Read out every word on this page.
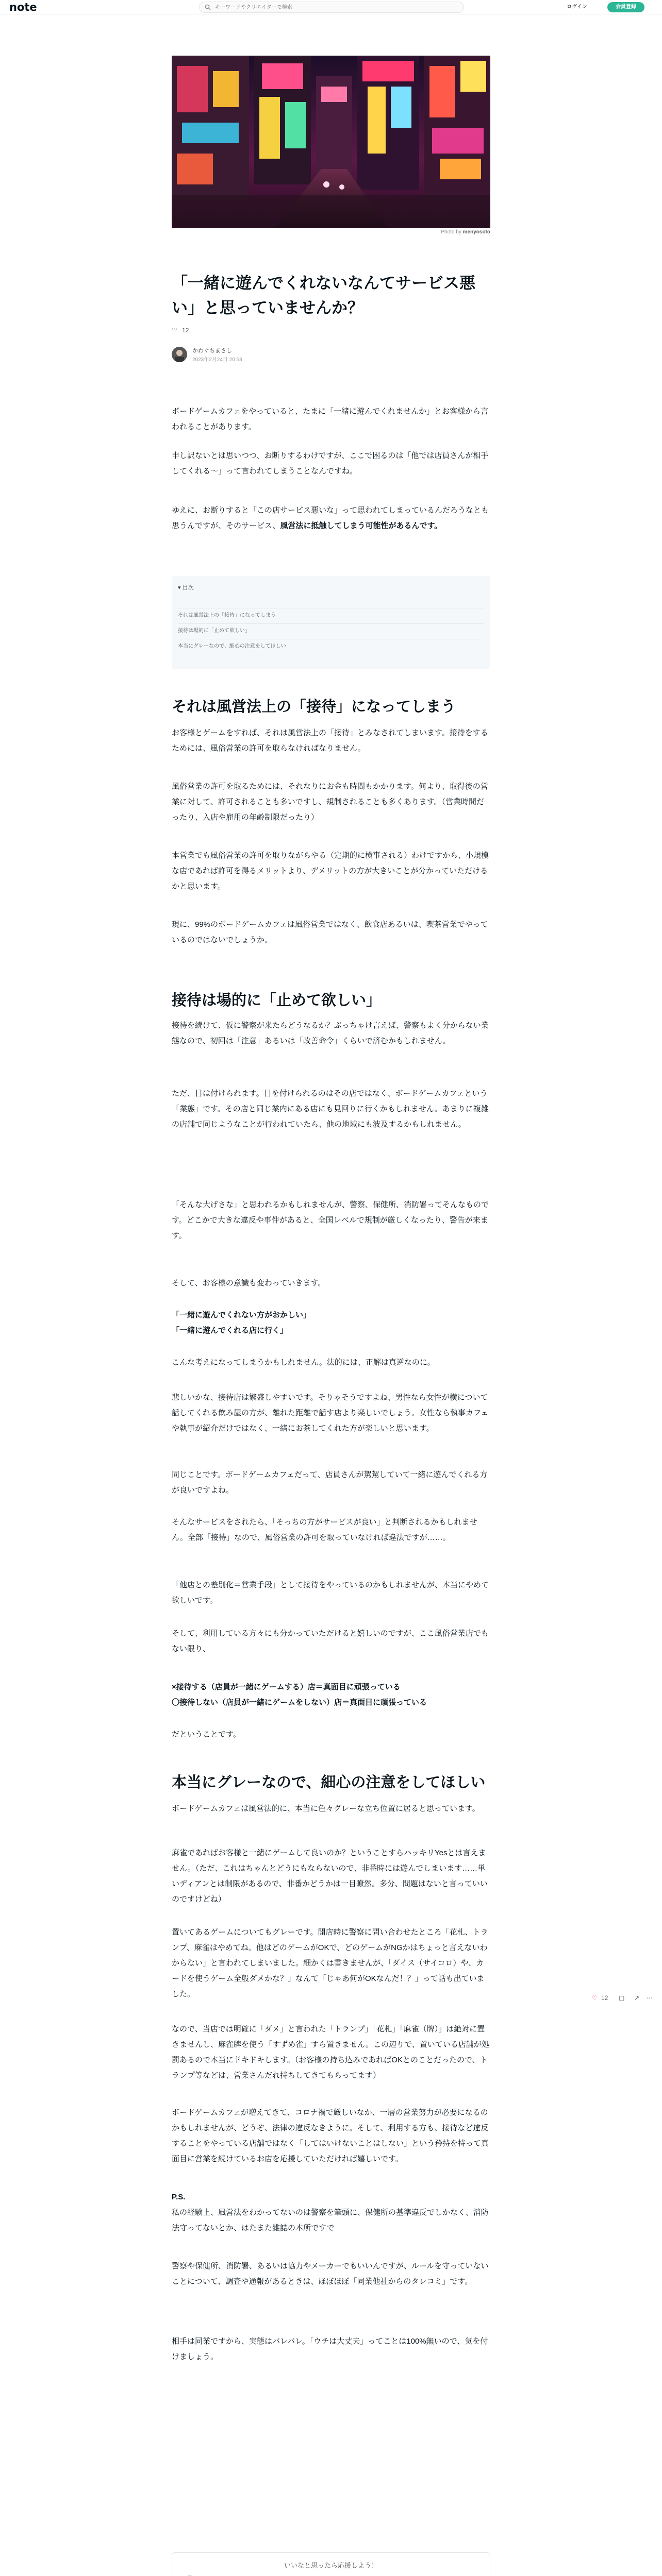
note
キーワードやクリエイターで検索	ログイン	会員登録
Photo by menyosoto
「一緒に遊んでくれないなんてサービス悪い」と思っていませんか？
♡ 12
かわぐちまさし
2023年2月24日 20:53
ボードゲームカフェをやっていると、たまに「一緒に遊んでくれませんか」とお客様から言われることがあります。
申し訳ないとは思いつつ、お断りするわけですが、ここで困るのは「他では店員さんが相手してくれる～」って言われてしまうことなんですね。
ゆえに、お断りすると「この店サービス悪いな」って思われてしまっているんだろうなとも思うんですが、そのサービス、風営法に抵触してしまう可能性があるんです。
▾ 目次
それは風営法上の「接待」になってしまう
接待は場的に「止めて欲しい」
本当にグレーなので、細心の注意をしてほしい
それは風営法上の「接待」になってしまう
お客様とゲームをすれば、それは風営法上の「接待」とみなされてしまいます。接待をするためには、風俗営業の許可を取らなければなりません。
風俗営業の許可を取るためには、それなりにお金も時間もかかります。何より、取得後の営業に対して、許可されることも多いですし、規制されることも多くあります。（営業時間だったり、入店や雇用の年齢制限だったり）
本営業でも風俗営業の許可を取りながらやる（定期的に検事される）わけですから、小規模な店であれば許可を得るメリットより、デメリットの方が大きいことが分かっていただけるかと思います。
現に、99%のボードゲームカフェは風俗営業ではなく、飲食店あるいは、喫茶営業でやっているのではないでしょうか。
接待は場的に「止めて欲しい」
接待を続けて、仮に警察が来たらどうなるか？ぶっちゃけ言えば、警察もよく分からない業態なので、初回は「注意」あるいは「改善命令」くらいで済むかもしれません。
ただ、目は付けられます。目を付けられるのはその店ではなく、ボードゲームカフェという「業態」です。その店と同じ業内にある店にも見回りに行くかもしれません。あまりに複雑の店舗で同じようなことが行われていたら、他の地域にも波及するかもしれません。
「そんな大げさな」と思われるかもしれませんが、警察、保健所、消防署ってそんなものです。どこかで大きな違反や事件があると、全国レベルで規制が厳しくなったり、警告が来ます。
そして、お客様の意識も変わっていきます。
「一緒に遊んでくれない方がおかしい」
「一緒に遊んでくれる店に行く」
こんな考えになってしまうかもしれません。法的には、正解は真逆なのに。
悲しいかな、接待店は繁盛しやすいです。そりゃそうですよね、男性なら女性が横について話してくれる飲み屋の方が、離れた距離で話す店より楽しいでしょう。女性なら執事カフェや執事が紹介だけではなく、一緒にお茶してくれた方が楽しいと思います。
同じことです。ボードゲームカフェだって、店員さんが駕駕していて一緒に遊んでくれる方が良いですよね。
そんなサービスをされたら、「そっちの方がサービスが良い」と判断されるかもしれません。全部「接待」なので、風俗営業の許可を取っていなければ違法ですが……。
「他店との差別化＝営業手段」として接待をやっているのかもしれませんが、本当にやめて欲しいです。
そして、利用している方々にも分かっていただけると嬉しいのですが、ここ風俗営業店でもない限り、
×接待する（店員が一緒にゲームする）店＝真面目に頑張っている
〇接待しない（店員が一緒にゲームをしない）店＝真面目に頑張っている
だということです。
本当にグレーなので、細心の注意をしてほしい
ボードゲームカフェは風営法的に、本当に色々グレーな立ち位置に居ると思っています。
麻雀であればお客様と一緒にゲームして良いのか？ということすらハッキリYesとは言えません。（ただ、これはちゃんとどうにもならないので、非番時には遊んでしまいます……単いディアンとは制限があるので、非番かどうかは一目瞭然。多分、問題はないと言っていいのですけどね）
置いてあるゲームについてもグレーです。開店時に警察に問い合わせたところ「花札、トランプ、麻雀はやめてね。他はどのゲームがOKで、どのゲームがNGかはちょっと言えないわからない」と言われてしまいました。細かくは書きませんが、「ダイス（サイコロ）や、カードを使うゲーム全般ダメかな？」なんて「じゃあ何がOKなんだ！？」って話も出ていました。
なので、当店では明確に「ダメ」と言われた「トランプ」「花札」「麻雀（牌）」は絶対に置きませんし、麻雀牌を使う「すずめ雀」すら置きません。この辺りで、置いている店舗が処罰あるので本当にドキドキします。（お客様の持ち込みであればOKとのことだったので、トランプ等などは、営業さんだれ持ちしてきてもらってます）
ボードゲームカフェが増えてきて、コロナ禍で厳しいなか、一層の営業努力が必要になるのかもしれませんが、どうぞ、法律の違反なきように。そして、利用する方も、接待など違反することをやっている店舗ではなく「してはいけないことはしない」という矜持を持って真面目に営業を続けているお店を応援していただければ嬉しいです。
P.S.
私の経験上、風営法をわかってないのは警察を筆頭に、保健所の基準違反でしかなく、消防法守ってないとか、はたまた雑誌の本所ですで
警察や保健所、消防署、あるいは協力やメーカーでもいいんですが、ルールを守っていないことについて、調査や通報があるときは、ほぼほぼ「同業他社からのタレコミ」です。
相手は同業ですから、実態はバレバレ。「ウチは大丈夫」ってことは100%無いので、気を付けましょう。
♡ 12 ▢ ↗ ⋯
いいなと思ったら応援しよう！
